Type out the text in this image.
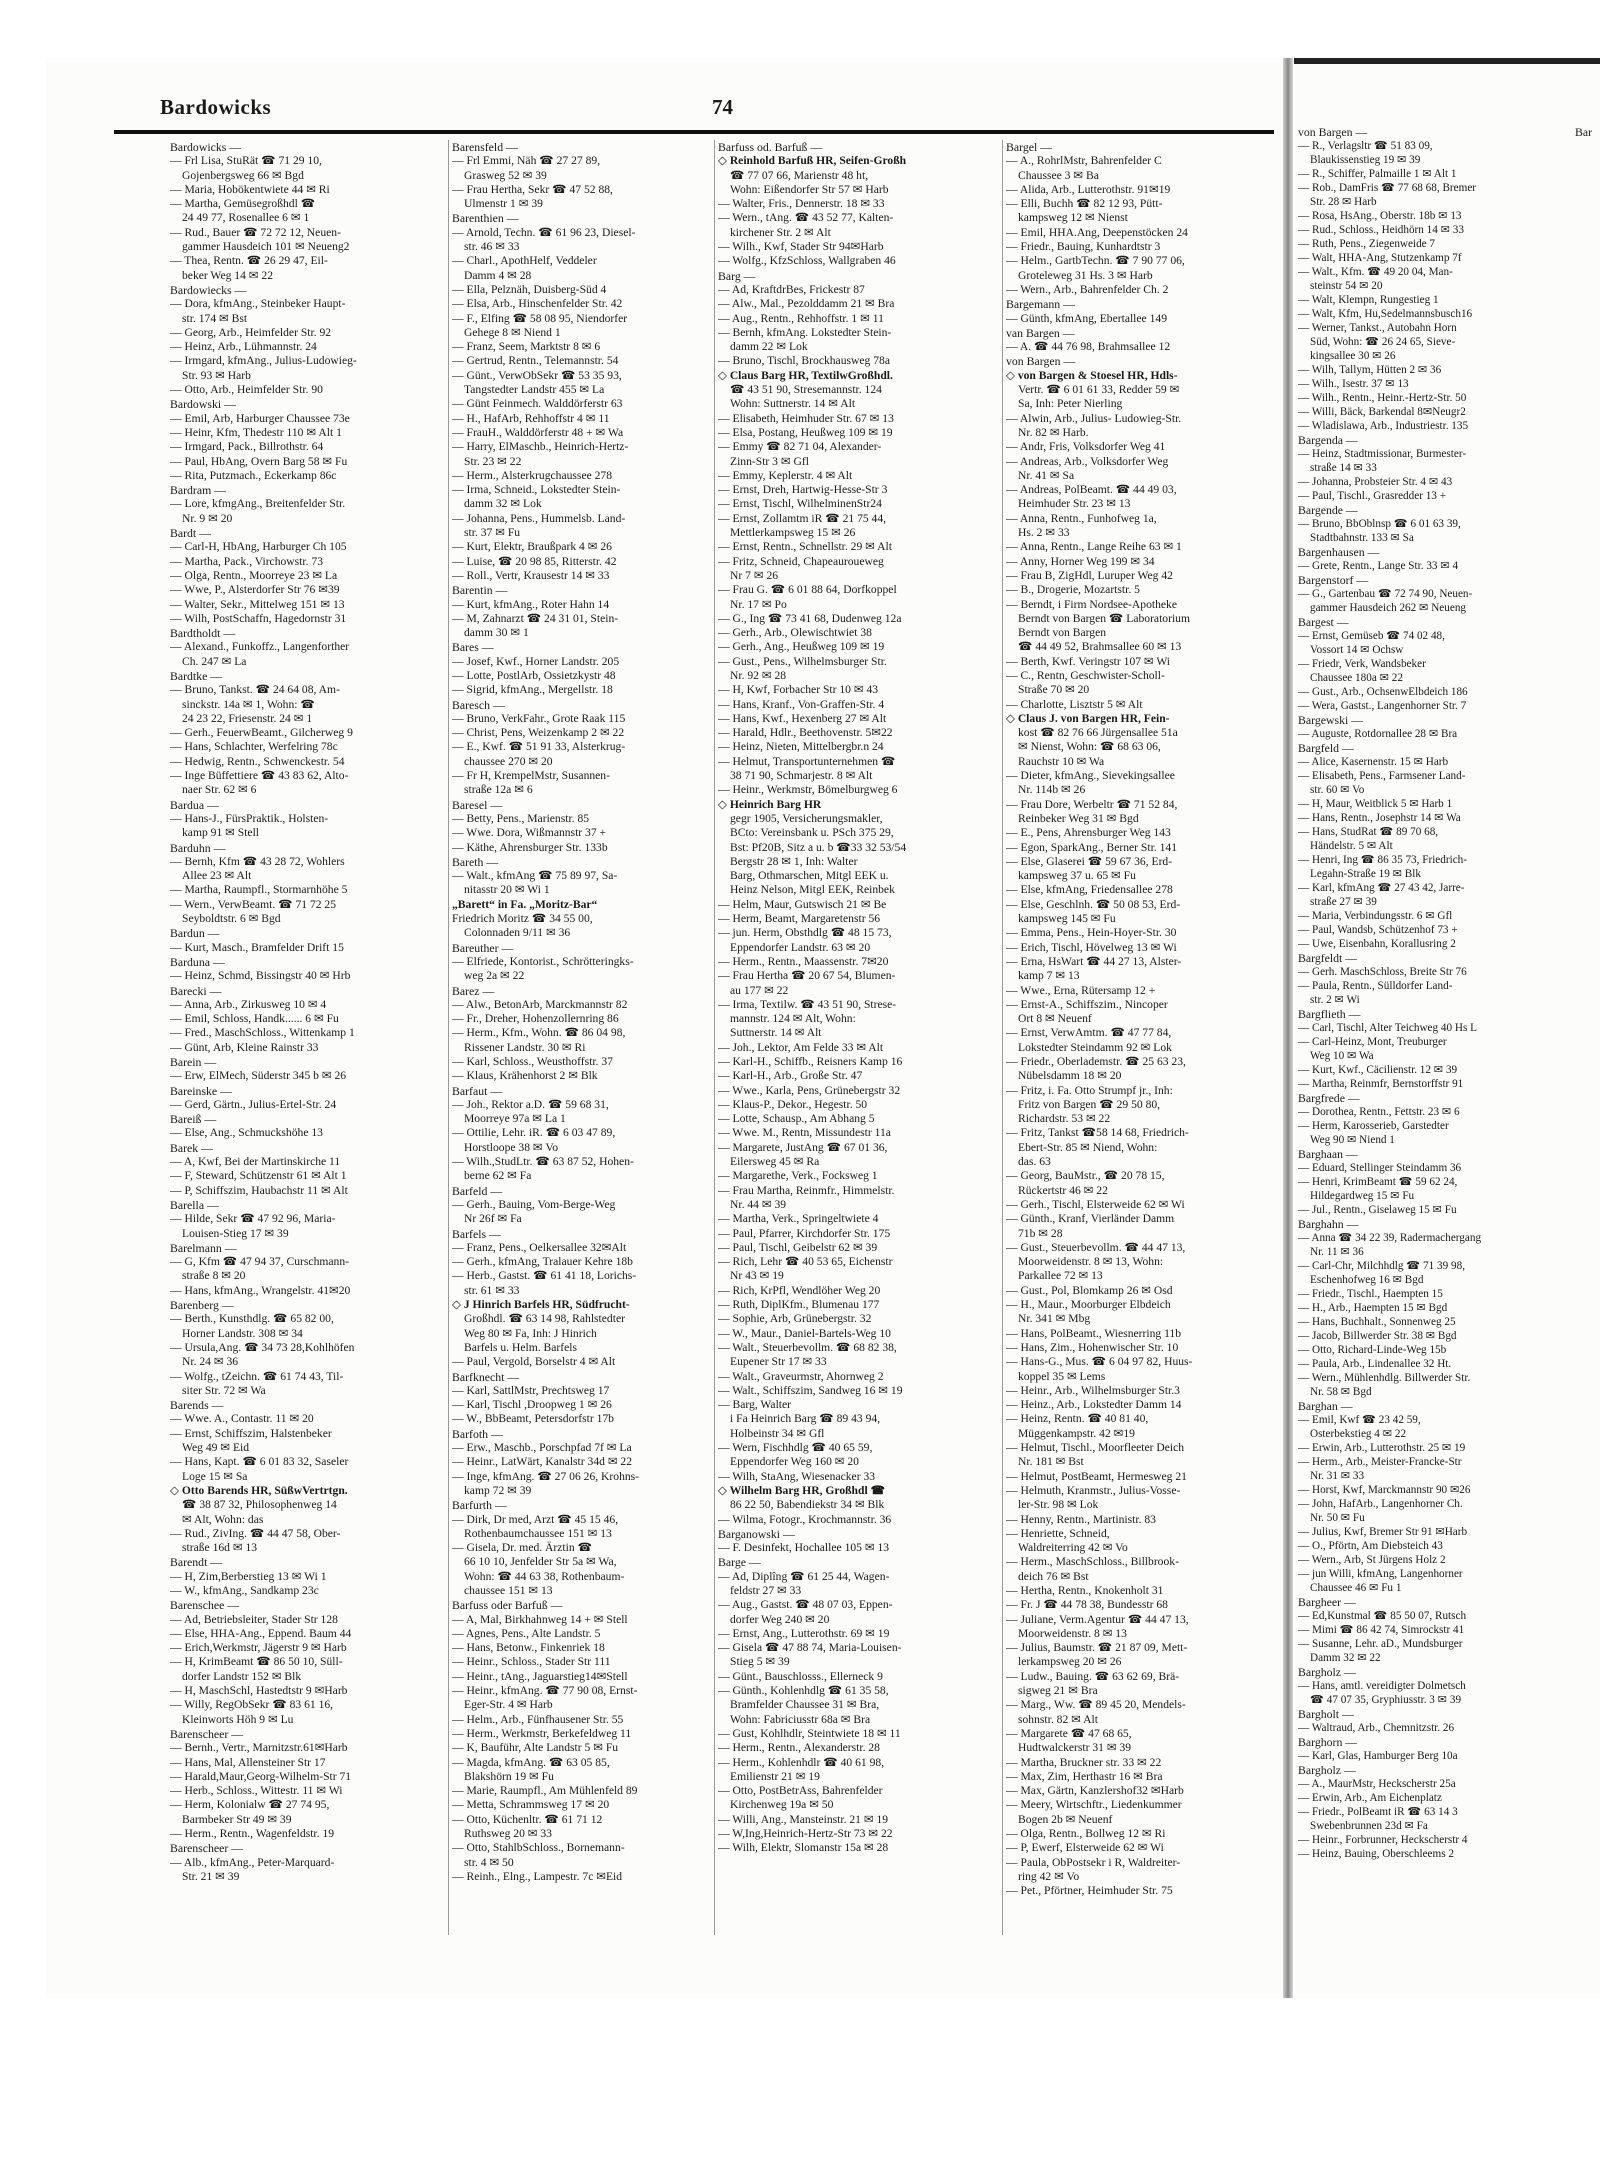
Bardowicks	74
Bardowicks —
— Frl Lisa, StuRät ☎ 71 29 10,
Gojenbergsweg 66 ✉ Bgd
— Maria, Hobökentwiete 44 ✉ Ri
— Martha, Gemüsegroßhdl ☎
24 49 77, Rosenallee 6 ✉ 1
— Rud., Bauer ☎ 72 72 12, Neuen-
gammer Hausdeich 101 ✉ Neueng2
— Thea, Rentn. ☎ 26 29 47, Eil-
beker Weg 14 ✉ 22
Bardowiecks —
— Dora, kfmAng., Steinbeker Haupt-
str. 174 ✉ Bst
— Georg, Arb., Heimfelder Str. 92
— Heinz, Arb., Lühmannstr. 24
— Irmgard, kfmAng., Julius-Ludowieg-
Str. 93 ✉ Harb
— Otto, Arb., Heimfelder Str. 90
Bardowski —
— Emil, Arb, Harburger Chaussee 73e
— Heinr, Kfm, Thedestr 110 ✉ Alt 1
— Irmgard, Pack., Billrothstr. 64
— Paul, HbAng, Overn Barg 58 ✉ Fu
— Rita, Putzmach., Eckerkamp 86c
Bardram —
— Lore, kfmgAng., Breitenfelder Str.
Nr. 9 ✉ 20
Bardt —
— Carl-H, HbAng, Harburger Ch 105
— Martha, Pack., Virchowstr. 73
— Olga, Rentn., Moorreye 23 ✉ La
— Wwe, P., Alsterdorfer Str 76 ✉39
— Walter, Sekr., Mittelweg 151 ✉ 13
— Wilh, PostSchaffn, Hagedornstr 31
Bardtholdt —
— Alexand., Funkoffz., Langenforther
Ch. 247 ✉ La
Bardtke —
— Bruno, Tankst. ☎ 24 64 08, Am-
sinckstr. 14a ✉ 1, Wohn: ☎
24 23 22, Friesenstr. 24 ✉ 1
— Gerh., FeuerwBeamt., Gilcherweg 9
— Hans, Schlachter, Werfelring 78c
— Hedwig, Rentn., Schwenckestr. 54
— Inge Büffettiere ☎ 43 83 62, Alto-
naer Str. 62 ✉ 6
Bardua —
— Hans-J., FürsPraktik., Holsten-
kamp 91 ✉ Stell
Barduhn —
— Bernh, Kfm ☎ 43 28 72, Wohlers
Allee 23 ✉ Alt
— Martha, Raumpfl., Stormarnhöhe 5
— Wern., VerwBeamt. ☎ 71 72 25
Seyboldtstr. 6 ✉ Bgd
Bardun —
— Kurt, Masch., Bramfelder Drift 15
Barduna —
— Heinz, Schmd, Bissingstr 40 ✉ Hrb
Barecki —
— Anna, Arb., Zirkusweg 10 ✉ 4
— Emil, Schloss, Handk...... 6 ✉ Fu
— Fred., MaschSchloss., Wittenkamp 1
— Günt, Arb, Kleine Rainstr 33
Barein —
— Erw, ElMech, Süderstr 345 b ✉ 26
Bareinske —
— Gerd, Gärtn., Julius-Ertel-Str. 24
Bareiß —
— Else, Ang., Schmuckshöhe 13
Barek —
— A, Kwf, Bei der Martinskirche 11
— F, Steward, Schützenstr 61 ✉ Alt 1
— P, Schiffszim, Haubachstr 11 ✉ Alt
Barella —
— Hilde, Sekr ☎ 47 92 96, Maria-
Louisen-Stieg 17 ✉ 39
Barelmann —
— G, Kfm ☎ 47 94 37, Curschmann-
straße 8 ✉ 20
— Hans, kfmAng., Wrangelstr. 41✉20
Barenberg —
— Berth., Kunsthdlg. ☎ 65 82 00,
Horner Landstr. 308 ✉ 34
— Ursula,Ang. ☎ 34 73 28,Kohlhöfen
Nr. 24 ✉ 36
— Wolfg., tZeichn. ☎ 61 74 43, Til-
siter Str. 72 ✉ Wa
Barends —
— Wwe. A., Contastr. 11 ✉ 20
— Ernst, Schiffszim, Halstenbeker
Weg 49 ✉ Eid
— Hans, Kapt. ☎ 6 01 83 32, Saseler
Loge 15 ✉ Sa
◇ Otto Barends HR, SüßwVertrtgn.
☎ 38 87 32, Philosophenweg 14
✉ Alt, Wohn: das
— Rud., ZivIng. ☎ 44 47 58, Ober-
straße 16d ✉ 13
Barendt —
— H, Zim,Berberstieg 13 ✉ Wi 1
— W., kfmAng., Sandkamp 23c
Barenschee —
— Ad, Betriebsleiter, Stader Str 128
— Else, HHA-Ang., Eppend. Baum 44
— Erich,Werkmstr, Jägerstr 9 ✉ Harb
— H, KrimBeamt ☎ 86 50 10, Süll-
dorfer Landstr 152 ✉ Blk
— H, MaschSchl, Hastedtstr 9 ✉Harb
— Willy, RegObSekr ☎ 83 61 16,
Kleinworts Höh 9 ✉ Lu
Barenscheer —
— Bernh., Vertr., Marnitzstr.61✉Harb
— Hans, Mal, Allensteiner Str 17
— Harald,Maur,Georg-Wilhelm-Str 71
— Herb., Schloss., Wittestr. 11 ✉ Wi
— Herm, Kolonialw ☎ 27 74 95,
Barmbeker Str 49 ✉ 39
— Herm., Rentn., Wagenfeldstr. 19
Barenscheer —
— Alb., kfmAng., Peter-Marquard-
Str. 21 ✉ 39
Barensfeld —
— Frl Emmi, Näh ☎ 27 27 89,
Grasweg 52 ✉ 39
— Frau Hertha, Sekr ☎ 47 52 88,
Ulmenstr 1 ✉ 39
Barenthien —
— Arnold, Techn. ☎ 61 96 23, Diesel-
str. 46 ✉ 33
— Charl., ApothHelf, Veddeler
Damm 4 ✉ 28
— Ella, Pelznäh, Duisberg-Süd 4
— Elsa, Arb., Hinschenfelder Str. 42
— F., Elfing ☎ 58 08 95, Niendorfer
Gehege 8 ✉ Niend 1
— Franz, Seem, Marktstr 8 ✉ 6
— Gertrud, Rentn., Telemannstr. 54
— Günt., VerwObSekr ☎ 53 35 93,
Tangstedter Landstr 455 ✉ La
— Günt Feinmech. Walddörferstr 63
— H., HafArb, Rehhoffstr 4 ✉ 11
— FrauH., Walddörferstr 48 + ✉ Wa
— Harry, ElMaschb., Heinrich-Hertz-
Str. 23 ✉ 22
— Herm., Alsterkrugchaussee 278
— Irma, Schneid., Lokstedter Stein-
damm 32 ✉ Lok
— Johanna, Pens., Hummelsb. Land-
str. 37 ✉ Fu
— Kurt, Elektr, Braußpark 4 ✉ 26
— Luise, ☎ 20 98 85, Ritterstr. 42
— Roll., Vertr, Krausestr 14 ✉ 33
Barentin —
— Kurt, kfmAng., Roter Hahn 14
— M, Zahnarzt ☎ 24 31 01, Stein-
damm 30 ✉ 1
Bares —
— Josef, Kwf., Horner Landstr. 205
— Lotte, PostlArb, Ossietzkystr 48
— Sigrid, kfmAng., Mergellstr. 18
Baresch —
— Bruno, VerkFahr., Grote Raak 115
— Christ, Pens, Weizenkamp 2 ✉ 22
— E., Kwf. ☎ 51 91 33, Alsterkrug-
chaussee 270 ✉ 20
— Fr H, KrempelMstr, Susannen-
straße 12a ✉ 6
Baresel —
— Betty, Pens., Marienstr. 85
— Wwe. Dora, Wißmannstr 37 +
— Käthe, Ahrensburger Str. 133b
Bareth —
— Walt., kfmAng ☎ 75 89 97, Sa-
nitasstr 20 ✉ Wi 1
„Barett“ in Fa. „Moritz-Bar“
Friedrich Moritz ☎ 34 55 00,
Colonnaden 9/11 ✉ 36
Bareuther —
— Elfriede, Kontorist., Schrötteringks-
weg 2a ✉ 22
Barez —
— Alw., BetonArb, Marckmannstr 82
— Fr., Dreher, Hohenzollernring 86
— Herm., Kfm., Wohn. ☎ 86 04 98,
Rissener Landstr. 30 ✉ Ri
— Karl, Schloss., Weusthoffstr. 37
— Klaus, Krähenhorst 2 ✉ Blk
Barfaut —
— Joh., Rektor a.D. ☎ 59 68 31,
Moorreye 97a ✉ La 1
— Ottilie, Lehr. iR. ☎ 6 03 47 89,
Horstloope 38 ✉ Vo
— Wilh.,StudLtr. ☎ 63 87 52, Hohen-
berne 62 ✉ Fa
Barfeld —
— Gerh., Bauing, Vom-Berge-Weg
Nr 26f ✉ Fa
Barfels —
— Franz, Pens., Oelkersallee 32✉Alt
— Gerh., kfmAng, Tralauer Kehre 18b
— Herb., Gastst. ☎ 61 41 18, Lorichs-
str. 61 ✉ 33
◇ J Hinrich Barfels HR, Südfrucht-
Großhdl. ☎ 63 14 98, Rahlstedter
Weg 80 ✉ Fa, Inh: J Hinrich
Barfels u. Helm. Barfels
— Paul, Vergold, Borselstr 4 ✉ Alt
Barfknecht —
— Karl, SattlMstr, Prechtsweg 17
— Karl, Tischl ,Droopweg 1 ✉ 26
— W., BbBeamt, Petersdorfstr 17b
Barfoth —
— Erw., Maschb., Porschpfad 7f ✉ La
— Heinr., LatWärt, Kanalstr 34d ✉ 22
— Inge, kfmAng. ☎ 27 06 26, Krohns-
kamp 72 ✉ 39
Barfurth —
— Dirk, Dr med, Arzt ☎ 45 15 46,
Rothenbaumchaussee 151 ✉ 13
— Gisela, Dr. med. Ärztin ☎
66 10 10, Jenfelder Str 5a ✉ Wa,
Wohn: ☎ 44 63 38, Rothenbaum-
chaussee 151 ✉ 13
Barfuss oder Barfuß —
— A, Mal, Birkhahnweg 14 + ✉ Stell
— Agnes, Pens., Alte Landstr. 5
— Hans, Betonw., Finkenriek 18
— Heinr., Schloss., Stader Str 111
— Heinr., tAng., Jaguarstieg14✉Stell
— Heinr., kfmAng. ☎ 77 90 08, Ernst-
Eger-Str. 4 ✉ Harb
— Helm., Arb., Fünfhausener Str. 55
— Herm., Werkmstr, Berkefeldweg 11
— K, Bauführ, Alte Landstr 5 ✉ Fu
— Magda, kfmAng. ☎ 63 05 85,
Blakshörn 19 ✉ Fu
— Marie, Raumpfl., Am Mühlenfeld 89
— Metta, Schrammsweg 17 ✉ 20
— Otto, Küchenltr. ☎ 61 71 12
Ruthsweg 20 ✉ 33
— Otto, StahlbSchloss., Bornemann-
str. 4 ✉ 50
— Reinh., Elng., Lampestr. 7c ✉Eid
Barfuss od. Barfuß —
◇ Reinhold Barfuß HR, Seifen-Großh
☎ 77 07 66, Marienstr 48 ht,
Wohn: Eißendorfer Str 57 ✉ Harb
— Walter, Fris., Dennerstr. 18 ✉ 33
— Wern., tAng. ☎ 43 52 77, Kalten-
kirchener Str. 2 ✉ Alt
— Wilh., Kwf, Stader Str 94✉Harb
— Wolfg., KfzSchloss, Wallgraben 46
Barg —
— Ad, KraftdrBes, Frickestr 87
— Alw., Mal., Pezolddamm 21 ✉ Bra
— Aug., Rentn., Rehhoffstr. 1 ✉ 11
— Bernh, kfmAng. Lokstedter Stein-
damm 22 ✉ Lok
— Bruno, Tischl, Brockhausweg 78a
◇ Claus Barg HR, TextilwGroßhdl.
☎ 43 51 90, Stresemannstr. 124
Wohn: Suttnerstr. 14 ✉ Alt
— Elisabeth, Heimhuder Str. 67 ✉ 13
— Elsa, Postang, Heußweg 109 ✉ 19
— Emmy ☎ 82 71 04, Alexander-
Zinn-Str 3 ✉ Gfl
— Emmy, Keplerstr. 4 ✉ Alt
— Ernst, Dreh, Hartwig-Hesse-Str 3
— Ernst, Tischl, WilhelminenStr24
— Ernst, Zollamtm iR ☎ 21 75 44,
Mettlerkampsweg 15 ✉ 26
— Ernst, Rentn., Schnellstr. 29 ✉ Alt
— Fritz, Schneid, Chapeauroueweg
Nr 7 ✉ 26
— Frau G. ☎ 6 01 88 64, Dorfkoppel
Nr. 17 ✉ Po
— G., Ing ☎ 73 41 68, Dudenweg 12a
— Gerh., Arb., Olewischtwiet 38
— Gerh., Ang., Heußweg 109 ✉ 19
— Gust., Pens., Wilhelmsburger Str.
Nr. 92 ✉ 28
— H, Kwf, Forbacher Str 10 ✉ 43
— Hans, Kranf., Von-Graffen-Str. 4
— Hans, Kwf., Hexenberg 27 ✉ Alt
— Harald, Hdlr., Beethovenstr. 5✉22
— Heinz, Nieten, Mittelbergbr.n 24
— Helmut, Transportunternehmen ☎
38 71 90, Schmarjestr. 8 ✉ Alt
— Heinr., Werkmstr, Bömelburgweg 6
◇ Heinrich Barg HR
gegr 1905, Versicherungsmakler,
BCto: Vereinsbank u. PSch 375 29,
Bst: Pf20B, Sitz a u. b ☎33 32 53/54
Bergstr 28 ✉ 1, Inh: Walter
Barg, Othmarschen, Mitgl EEK u.
Heinz Nelson, Mitgl EEK, Reinbek
— Helm, Maur, Gutswisch 21 ✉ Be
— Herm, Beamt, Margaretenstr 56
— jun. Herm, Obsthdlg ☎ 48 15 73,
Eppendorfer Landstr. 63 ✉ 20
— Herm., Rentn., Maassenstr. 7✉20
— Frau Hertha ☎ 20 67 54, Blumen-
au 177 ✉ 22
— Irma, Textilw. ☎ 43 51 90, Strese-
mannstr. 124 ✉ Alt, Wohn:
Suttnerstr. 14 ✉ Alt
— Joh., Lektor, Am Felde 33 ✉ Alt
— Karl-H., Schiffb., Reisners Kamp 16
— Karl-H., Arb., Große Str. 47
— Wwe., Karla, Pens, Grünebergstr 32
— Klaus-P., Dekor., Hegestr. 50
— Lotte, Schausp., Am Abhang 5
— Wwe. M., Rentn, Missundestr 11a
— Margarete, JustAng ☎ 67 01 36,
Eilersweg 45 ✉ Ra
— Margarethe, Verk., Focksweg 1
— Frau Martha, Reinmfr., Himmelstr.
Nr. 44 ✉ 39
— Martha, Verk., Springeltwiete 4
— Paul, Pfarrer, Kirchdorfer Str. 175
— Paul, Tischl, Geibelstr 62 ✉ 39
— Rich, Lehr ☎ 40 53 65, Eichenstr
Nr 43 ✉ 19
— Rich, KrPfl, Wendlöher Weg 20
— Ruth, DiplKfm., Blumenau 177
— Sophie, Arb, Grünebergstr. 32
— W., Maur., Daniel-Bartels-Weg 10
— Walt., Steuerbevollm. ☎ 68 82 38,
Eupener Str 17 ✉ 33
— Walt., Graveurmstr, Ahornweg 2
— Walt., Schiffszim, Sandweg 16 ✉ 19
— Barg, Walter
i Fa Heinrich Barg ☎ 89 43 94,
Holbeinstr 34 ✉ Gfl
— Wern, Fischhdlg ☎ 40 65 59,
Eppendorfer Weg 160 ✉ 20
— Wilh, StaAng, Wiesenacker 33
◇ Wilhelm Barg HR, Großhdl ☎
86 22 50, Babendiekstr 34 ✉ Blk
— Wilma, Fotogr., Krochmannstr. 36
Barganowski —
— F. Desinfekt, Hochallee 105 ✉ 13
Barge —
— Ad, Diplîng ☎ 61 25 44, Wagen-
feldstr 27 ✉ 33
— Aug., Gastst. ☎ 48 07 03, Eppen-
dorfer Weg 240 ✉ 20
— Ernst, Ang., Lutterothstr. 69 ✉ 19
— Gisela ☎ 47 88 74, Maria-Louisen-
Stieg 5 ✉ 39
— Günt., Bauschlosss., Ellerneck 9
— Günth., Kohlenhdlg ☎ 61 35 58,
Bramfelder Chaussee 31 ✉ Bra,
Wohn: Fabriciusstr 68a ✉ Bra
— Gust, Kohlhdlr, Steintwiete 18 ✉ 11
— Herm., Rentn., Alexanderstr. 28
— Herm., Kohlenhdlr ☎ 40 61 98,
Emilienstr 21 ✉ 19
— Otto, PostBetrAss, Bahrenfelder
Kirchenweg 19a ✉ 50
— Willi, Ang., Mansteinstr. 21 ✉ 19
— W,Ing,Heinrich-Hertz-Str 73 ✉ 22
— Wilh, Elektr, Slomanstr 15a ✉ 28
Bargel —
— A., RohrlMstr, Bahrenfelder C
Chaussee 3 ✉ Ba
— Alida, Arb., Lutterothstr. 91✉19
— Elli, Buchh ☎ 82 12 93, Pütt-
kampsweg 12 ✉ Nienst
— Emil, HHA.Ang, Deepenstöcken 24
— Friedr., Bauing, Kunhardtstr 3
— Helm., GartbTechn. ☎ 7 90 77 06,
Groteleweg 31 Hs. 3 ✉ Harb
— Wern., Arb., Bahrenfelder Ch. 2
Bargemann —
— Günth, kfmAng, Ebertallee 149
van Bargen —
— A. ☎ 44 76 98, Brahmsallee 12
von Bargen —
◇ von Bargen & Stoesel HR, Hdls-
Vertr. ☎ 6 01 61 33, Redder 59 ✉
Sa, Inh: Peter Nierling
— Alwin, Arb., Julius- Ludowieg-Str.
Nr. 82 ✉ Harb.
— Andr, Fris, Volksdorfer Weg 41
— Andreas, Arb., Volksdorfer Weg
Nr. 41 ✉ Sa
— Andreas, PolBeamt. ☎ 44 49 03,
Heimhuder Str. 23 ✉ 13
— Anna, Rentn., Funhofweg 1a,
Hs. 2 ✉ 33
— Anna, Rentn., Lange Reihe 63 ✉ 1
— Anny, Horner Weg 199 ✉ 34
— Frau B, ZigHdl, Luruper Weg 42
— B., Drogerie, Mozartstr. 5
— Berndt, i Firm Nordsee-Apotheke
Berndt von Bargen ☎ Laboratorium
Berndt von Bargen
☎ 44 49 52, Brahmsallee 60 ✉ 13
— Berth, Kwf. Veringstr 107 ✉ Wi
— C., Rentn, Geschwister-Scholl-
Straße 70 ✉ 20
— Charlotte, Lisztstr 5 ✉ Alt
◇ Claus J. von Bargen HR, Fein-
kost ☎ 82 76 66 Jürgensallee 51a
✉ Nienst, Wohn: ☎ 68 63 06,
Rauchstr 10 ✉ Wa
— Dieter, kfmAng., Sievekingsallee
Nr. 114b ✉ 26
— Frau Dore, Werbeltr ☎ 71 52 84,
Reinbeker Weg 31 ✉ Bgd
— E., Pens, Ahrensburger Weg 143
— Egon, SparkAng., Berner Str. 141
— Else, Glaserei ☎ 59 67 36, Erd-
kampsweg 37 u. 65 ✉ Fu
— Else, kfmAng, Friedensallee 278
— Else, Geschlnh. ☎ 50 08 53, Erd-
kampsweg 145 ✉ Fu
— Emma, Pens., Hein-Hoyer-Str. 30
— Erich, Tischl, Hövelweg 13 ✉ Wi
— Erna, HsWart ☎ 44 27 13, Alster-
kamp 7 ✉ 13
— Wwe., Erna, Rütersamp 12 +
— Ernst-A., Schiffszim., Nincoper
Ort 8 ✉ Neuenf
— Ernst, VerwAmtm. ☎ 47 77 84,
Lokstedter Steindamm 92 ✉ Lok
— Friedr., Oberlademstr. ☎ 25 63 23,
Nübelsdamm 18 ✉ 20
— Fritz, i. Fa. Otto Strumpf jr., Inh:
Fritz von Bargen ☎ 29 50 80,
Richardstr. 53 ✉ 22
— Fritz, Tankst ☎58 14 68, Friedrich-
Ebert-Str. 85 ✉ Niend, Wohn:
das. 63
— Georg, BauMstr., ☎ 20 78 15,
Rückertstr 46 ✉ 22
— Gerh., Tischl, Elsterweide 62 ✉ Wi
— Günth., Kranf, Vierländer Damm
71b ✉ 28
— Gust., Steuerbevollm. ☎ 44 47 13,
Moorweidenstr. 8 ✉ 13, Wohn:
Parkallee 72 ✉ 13
— Gust., Pol, Blomkamp 26 ✉ Osd
— H., Maur., Moorburger Elbdeich
Nr. 341 ✉ Mbg
— Hans, PolBeamt., Wiesnerring 11b
— Hans, Zim., Hohenwischer Str. 10
— Hans-G., Mus. ☎ 6 04 97 82, Huus-
koppel 35 ✉ Lems
— Heinr., Arb., Wilhelmsburger Str.3
— Heinz., Arb., Lokstedter Damm 14
— Heinz, Rentn. ☎ 40 81 40,
Müggenkampstr. 42 ✉19
— Helmut, Tischl., Moorfleeter Deich
Nr. 181 ✉ Bst
— Helmut, PostBeamt, Hermesweg 21
— Helmuth, Kranmstr., Julius-Vosse-
ler-Str. 98 ✉ Lok
— Henny, Rentn., Martinistr. 83
— Henriette, Schneid,
Waldreiterring 42 ✉ Vo
— Herm., MaschSchloss., Billbrook-
deich 76 ✉ Bst
— Hertha, Rentn., Knokenholt 31
— Fr. J ☎ 44 78 38, Bundesstr 68
— Juliane, Verm.Agentur ☎ 44 47 13,
Moorweidenstr. 8 ✉ 13
— Julius, Baumstr. ☎ 21 87 09, Mett-
lerkampsweg 20 ✉ 26
— Ludw., Bauing. ☎ 63 62 69, Brä-
sigweg 21 ✉ Bra
— Marg., Ww. ☎ 89 45 20, Mendels-
sohnstr. 82 ✉ Alt
— Margarete ☎ 47 68 65,
Hudtwalckerstr 31 ✉ 39
— Martha, Bruckner str. 33 ✉ 22
— Max, Zim, Herthastr 16 ✉ Bra
— Max, Gärtn, Kanzlershof32 ✉Harb
— Meery, Wirtschftr., Liedenkummer
Bogen 2b ✉ Neuenf
— Olga, Rentn., Bollweg 12 ✉ Ri
— P, Ewerf, Elsterweide 62 ✉ Wi
— Paula, ObPostsekr i R, Waldreiter-
ring 42 ✉ Vo
— Pet., Pförtner, Heimhuder Str. 75
von Bargen —
— R., Verlagsltr ☎ 51 83 09,
Blaukissenstieg 19 ✉ 39
— R., Schiffer, Palmaille 1 ✉ Alt 1
— Rob., DamFris ☎ 77 68 68, Bremer
Str. 28 ✉ Harb
— Rosa, HsAng., Oberstr. 18b ✉ 13
— Rud., Schloss., Heidhörn 14 ✉ 33
— Ruth, Pens., Ziegenweide 7
— Walt, HHA-Ang, Stutzenkamp 7f
— Walt., Kfm. ☎ 49 20 04, Man-
steinstr 54 ✉ 20
— Walt, Klempn, Rungestieg 1
— Walt, Kfm, Hu,Sedelmannsbusch16
— Werner, Tankst., Autobahn Horn
Süd, Wohn: ☎ 26 24 65, Sieve-
kingsallee 30 ✉ 26
— Wilh, Tallym, Hütten 2 ✉ 36
— Wilh., Isestr. 37 ✉ 13
— Wilh., Rentn., Heinr.-Hertz-Str. 50
— Willi, Bäck, Barkendal 8✉Neugr2
— Wladislawa, Arb., Industriestr. 135
Bargenda —
— Heinz, Stadtmissionar, Burmester-
straße 14 ✉ 33
— Johanna, Probsteier Str. 4 ✉ 43
— Paul, Tischl., Grasredder 13 +
Bargende —
— Bruno, BbOblnsp ☎ 6 01 63 39,
Stadtbahnstr. 133 ✉ Sa
Bargenhausen —
— Grete, Rentn., Lange Str. 33 ✉ 4
Bargenstorf —
— G., Gartenbau ☎ 72 74 90, Neuen-
gammer Hausdeich 262 ✉ Neueng
Bargest —
— Ernst, Gemüseb ☎ 74 02 48,
Vossort 14 ✉ Ochsw
— Friedr, Verk, Wandsbeker
Chaussee 180a ✉ 22
— Gust., Arb., OchsenwElbdeich 186
— Wera, Gastst., Langenhorner Str. 7
Bargewski —
— Auguste, Rotdornallee 28 ✉ Bra
Bargfeld —
— Alice, Kasernenstr. 15 ✉ Harb
— Elisabeth, Pens., Farmsener Land-
str. 60 ✉ Vo
— H, Maur, Weitblick 5 ✉ Harb 1
— Hans, Rentn., Josephstr 14 ✉ Wa
— Hans, StudRat ☎ 89 70 68,
Händelstr. 5 ✉ Alt
— Henri, Ing ☎ 86 35 73, Friedrich-
Legahn-Straße 19 ✉ Blk
— Karl, kfmAng ☎ 27 43 42, Jarre-
straße 27 ✉ 39
— Maria, Verbindungsstr. 6 ✉ Gfl
— Paul, Wandsb, Schützenhof 73 +
— Uwe, Eisenbahn, Korallusring 2
Bargfeldt —
— Gerh. MaschSchloss, Breite Str 76
— Paula, Rentn., Sülldorfer Land-
str. 2 ✉ Wi
Bargflieth —
— Carl, Tischl, Alter Teichweg 40 Hs L
— Carl-Heinz, Mont, Treuburger
Weg 10 ✉ Wa
— Kurt, Kwf., Cäcilienstr. 12 ✉ 39
— Martha, Reinmfr, Bernstorffstr 91
Bargfrede —
— Dorothea, Rentn., Fettstr. 23 ✉ 6
— Herm, Karosserieb, Garstedter
Weg 90 ✉ Niend 1
Barghaan —
— Eduard, Stellinger Steindamm 36
— Henri, KrimBeamt ☎ 59 62 24,
Hildegardweg 15 ✉ Fu
— Jul., Rentn., Giselaweg 15 ✉ Fu
Barghahn —
— Anna ☎ 34 22 39, Radermachergang
Nr. 11 ✉ 36
— Carl-Chr, Milchhdlg ☎ 71 39 98,
Eschenhofweg 16 ✉ Bgd
— Friedr., Tischl., Haempten 15
— H., Arb., Haempten 15 ✉ Bgd
— Hans, Buchhalt., Sonnenweg 25
— Jacob, Billwerder Str. 38 ✉ Bgd
— Otto, Richard-Linde-Weg 15b
— Paula, Arb., Lindenallee 32 Ht.
— Wern., Mühlenhdlg. Billwerder Str.
Nr. 58 ✉ Bgd
Barghan —
— Emil, Kwf ☎ 23 42 59,
Osterbekstieg 4 ✉ 22
— Erwin, Arb., Lutterothstr. 25 ✉ 19
— Herm., Arb., Meister-Francke-Str
Nr. 31 ✉ 33
— Horst, Kwf, Marckmannstr 90 ✉26
— John, HafArb., Langenhorner Ch.
Nr. 50 ✉ Fu
— Julius, Kwf, Bremer Str 91 ✉Harb
— O., Pförtn, Am Diebsteich 43
— Wern., Arb, St Jürgens Holz 2
— jun Willi, kfmAng, Langenhorner
Chaussee 46 ✉ Fu 1
Bargheer —
— Ed,Kunstmal ☎ 85 50 07, Rutsch
— Mimi ☎ 86 42 74, Simrockstr 41
— Susanne, Lehr. aD., Mundsburger
Damm 32 ✉ 22
Bargholz —
— Hans, amtl. vereidigter Dolmetsch
☎ 47 07 35, Gryphiusstr. 3 ✉ 39
Bargholt —
— Waltraud, Arb., Chemnitzstr. 26
Barghorn —
— Karl, Glas, Hamburger Berg 10a
Bargholz —
— A., MaurMstr, Heckscherstr 25a
— Erwin, Arb., Am Eichenplatz
— Friedr., PolBeamt iR ☎ 63 14 3
Swebenbrunnen 23d ✉ Fa
— Heinr., Forbrunner, Heckscherstr 4
— Heinz, Bauing, Oberschleems 2
Bar
